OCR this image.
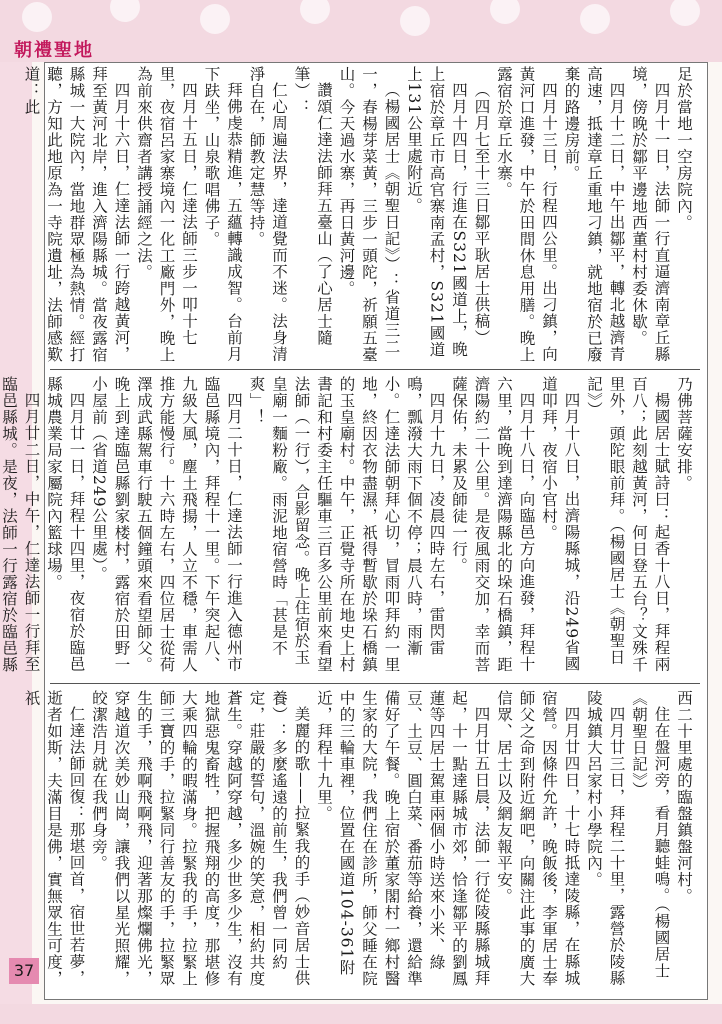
朝禮聖地

足於當地一空房院內。

四月十一日，法師一行直逼濟南章丘縣境，傍晚於鄒平邊地西董村村委休歇。

四月十二日，中午出鄒平，轉北越濟青高速，抵達章丘重地刁鎮，就地宿於已廢棄的路邊房前。

四月十三日，行程四公里。出刁鎮，向黃河口進發，中午於田間休息用膳。晚上露宿於章丘水寨。

（四月七至十三日鄒平耿居士供稿）

四月十四日，行進在S321國道上，晚上宿於章丘市高官寨南孟村，S321國道上131公里處附近。

（楊國居士《朝聖日記》）：省道三二一，春楊芽菜黃，三步一頭陀，祈願五臺山。今天過水寨，再日黃河邊。

讚頌仁達法師拜五臺山（了心居士隨筆）：

仁心周遍法界，達道覺而不迷。法身清淨自在，師教定慧等持。

拜佛虔恭精進，五蘊轉識成智。台前月下趺坐，山泉歌唱佛子。

四月十五日，仁達法師三步一叩十七里，夜宿呂家寨境內一化工廠門外，晚上為前來供齋者講授誦經之法。

四月十六日，仁達法師一行跨越黃河，拜至黃河北岸，進入濟陽縣城。當夜露宿縣城一大院內，當地群眾極為熱情。經打聽，方知此地原為一寺院遺址，法師感歎道：此

乃佛菩薩安排。

楊國居士賦詩曰：起香十八日，拜程兩百八；此刻越黃河，何日登五台？文殊千里外，頭陀眼前拜。（楊國居士《朝聖日記》）

四月十八日，出濟陽縣城，沿249省國道叩拜，夜宿小官村。

四月十八日，向臨邑方向進發，拜程十六里，當晚到達濟陽縣北的垛石橋鎮，距濟陽約二十公里。是夜風雨交加，幸而菩薩保佑，未累及師徒一行。

四月十九日，凌晨四時左右，雷閃雷鳴，瓢潑大雨下個不停；晨八時，雨漸小。仁達法師朝拜心切，冒雨叩拜約一里地，終因衣物盡濕，祇得暫歇於垛石橋鎮的玉皇廟村。中午，正覺寺所在地史上村書記和村委主任驅車三百多公里前來看望法師（一行），合影留念。晚上住宿於玉皇廟一麵粉廠。雨泥地宿營時「甚是不爽」！

四月二十日，仁達法師一行進入德州市臨邑縣境內，拜程十一里。下午突起八、九級大風，塵土飛揚，人立不穩，車需人推方能慢行。十六時左右，四位居士從荷澤成武縣駕車行駛五個鐘頭來看望師父。晚上到達臨邑縣劉家楼村，露宿於田野一小屋前（省道249公里處）。

四月廿一日，拜程十四里，夜宿於臨邑縣城農業局家屬院內籃球場。

四月廿二日，中午，仁達法師一行拜至臨邑縣城。是夜，法師一行露宿於臨邑縣

西二十里處的臨盤鎮盤河村。

住在盤河旁，看月聽蛙鳴。（楊國居士《朝聖日記》）

四月廿三日，拜程二十里，露營於陵縣陵城鎮大呂家村小學院內。

四月廿四日，十七時抵達陵縣，在縣城宿營。因條件允許，晚飯後，李軍居士奉師父之命到附近網吧，向關注此事的廣大信眾、居士以及網友報平安。

四月廿五日晨，法師一行從陵縣縣城拜起，十一點達縣城市郊，恰逢鄒平的劉鳳蓮等四居士駕車兩個小時送來小米、綠豆、土豆、圓白菜、番茄等給養，還給準備好了午餐。晚上宿於董家閣村一鄉村醫生家的大院，我們住在診所，師父睡在院中的三輪車裡，位置在國道104-361附近，拜程十九里。

美麗的歌——拉緊我的手（妙音居士供養）：多麼遙遠的前生，我們曾一同約定，莊嚴的誓句，溫婉的笑意，相約共度蒼生。穿越阿穿越，多少世多少生，沒有地獄惡鬼畜牲，把握飛翔的高度，那堪修大乘四輪的暇滿身。拉緊我的手，拉緊上師三寶的手，拉緊同行善友的手，拉緊眾生的手，飛啊飛啊飛，迎著那燦爛佛光，穿越道次美妙山崗，讓我們以星光照耀，皎潔浩月就在我們身旁。

仁達法師回復：那堪回首，宿世若夢，逝者如斯，夫滿目是佛，實無眾生可度，祇

37
